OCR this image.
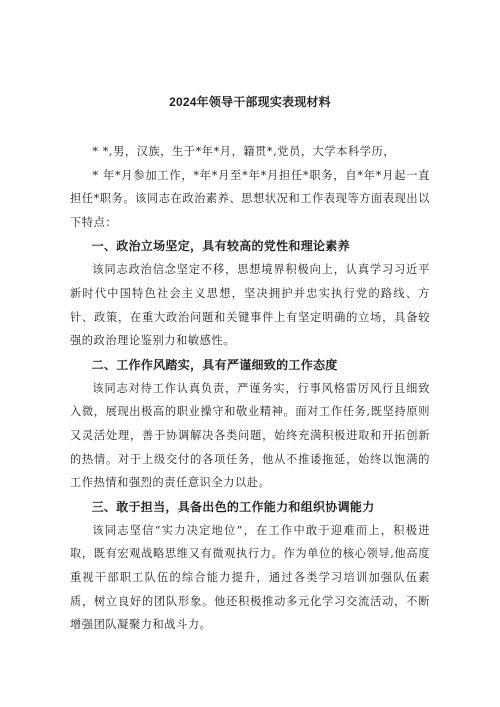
2024年领导干部现实表现材料

* *,男，汉族，生于*年*月，籍贯*,党员，大学本科学历，

* 年*月参加工作，*年*月至*年*月担任*职务，自*年*月起一直担任*职务。该同志在政治素养、思想状况和工作表现等方面表现出以下特点：

一、政治立场坚定，具有较高的党性和理论素养

该同志政治信念坚定不移，思想境界积极向上，认真学习习近平新时代中国特色社会主义思想，坚决拥护并忠实执行党的路线、方针、政策，在重大政治问题和关键事件上有坚定明确的立场，具备较强的政治理论鉴别力和敏感性。

二、工作作风踏实，具有严谨细致的工作态度

该同志对待工作认真负责，严谨务实，行事风格雷厉风行且细致入微，展现出极高的职业操守和敬业精神。面对工作任务,既坚持原则又灵活处理，善于协调解决各类问题，始终充满积极进取和开拓创新的热情。对于上级交付的各项任务，他从不推诿拖延，始终以饱满的工作热情和强烈的责任意识全力以赴。

三、敢于担当，具备出色的工作能力和组织协调能力

该同志坚信“实力决定地位”，在工作中敢于迎难而上，积极进取，既有宏观战略思维又有微观执行力。作为单位的核心领导,他高度重视干部职工队伍的综合能力提升，通过各类学习培训加强队伍素质，树立良好的团队形象。他还积极推动多元化学习交流活动，不断增强团队凝聚力和战斗力。
